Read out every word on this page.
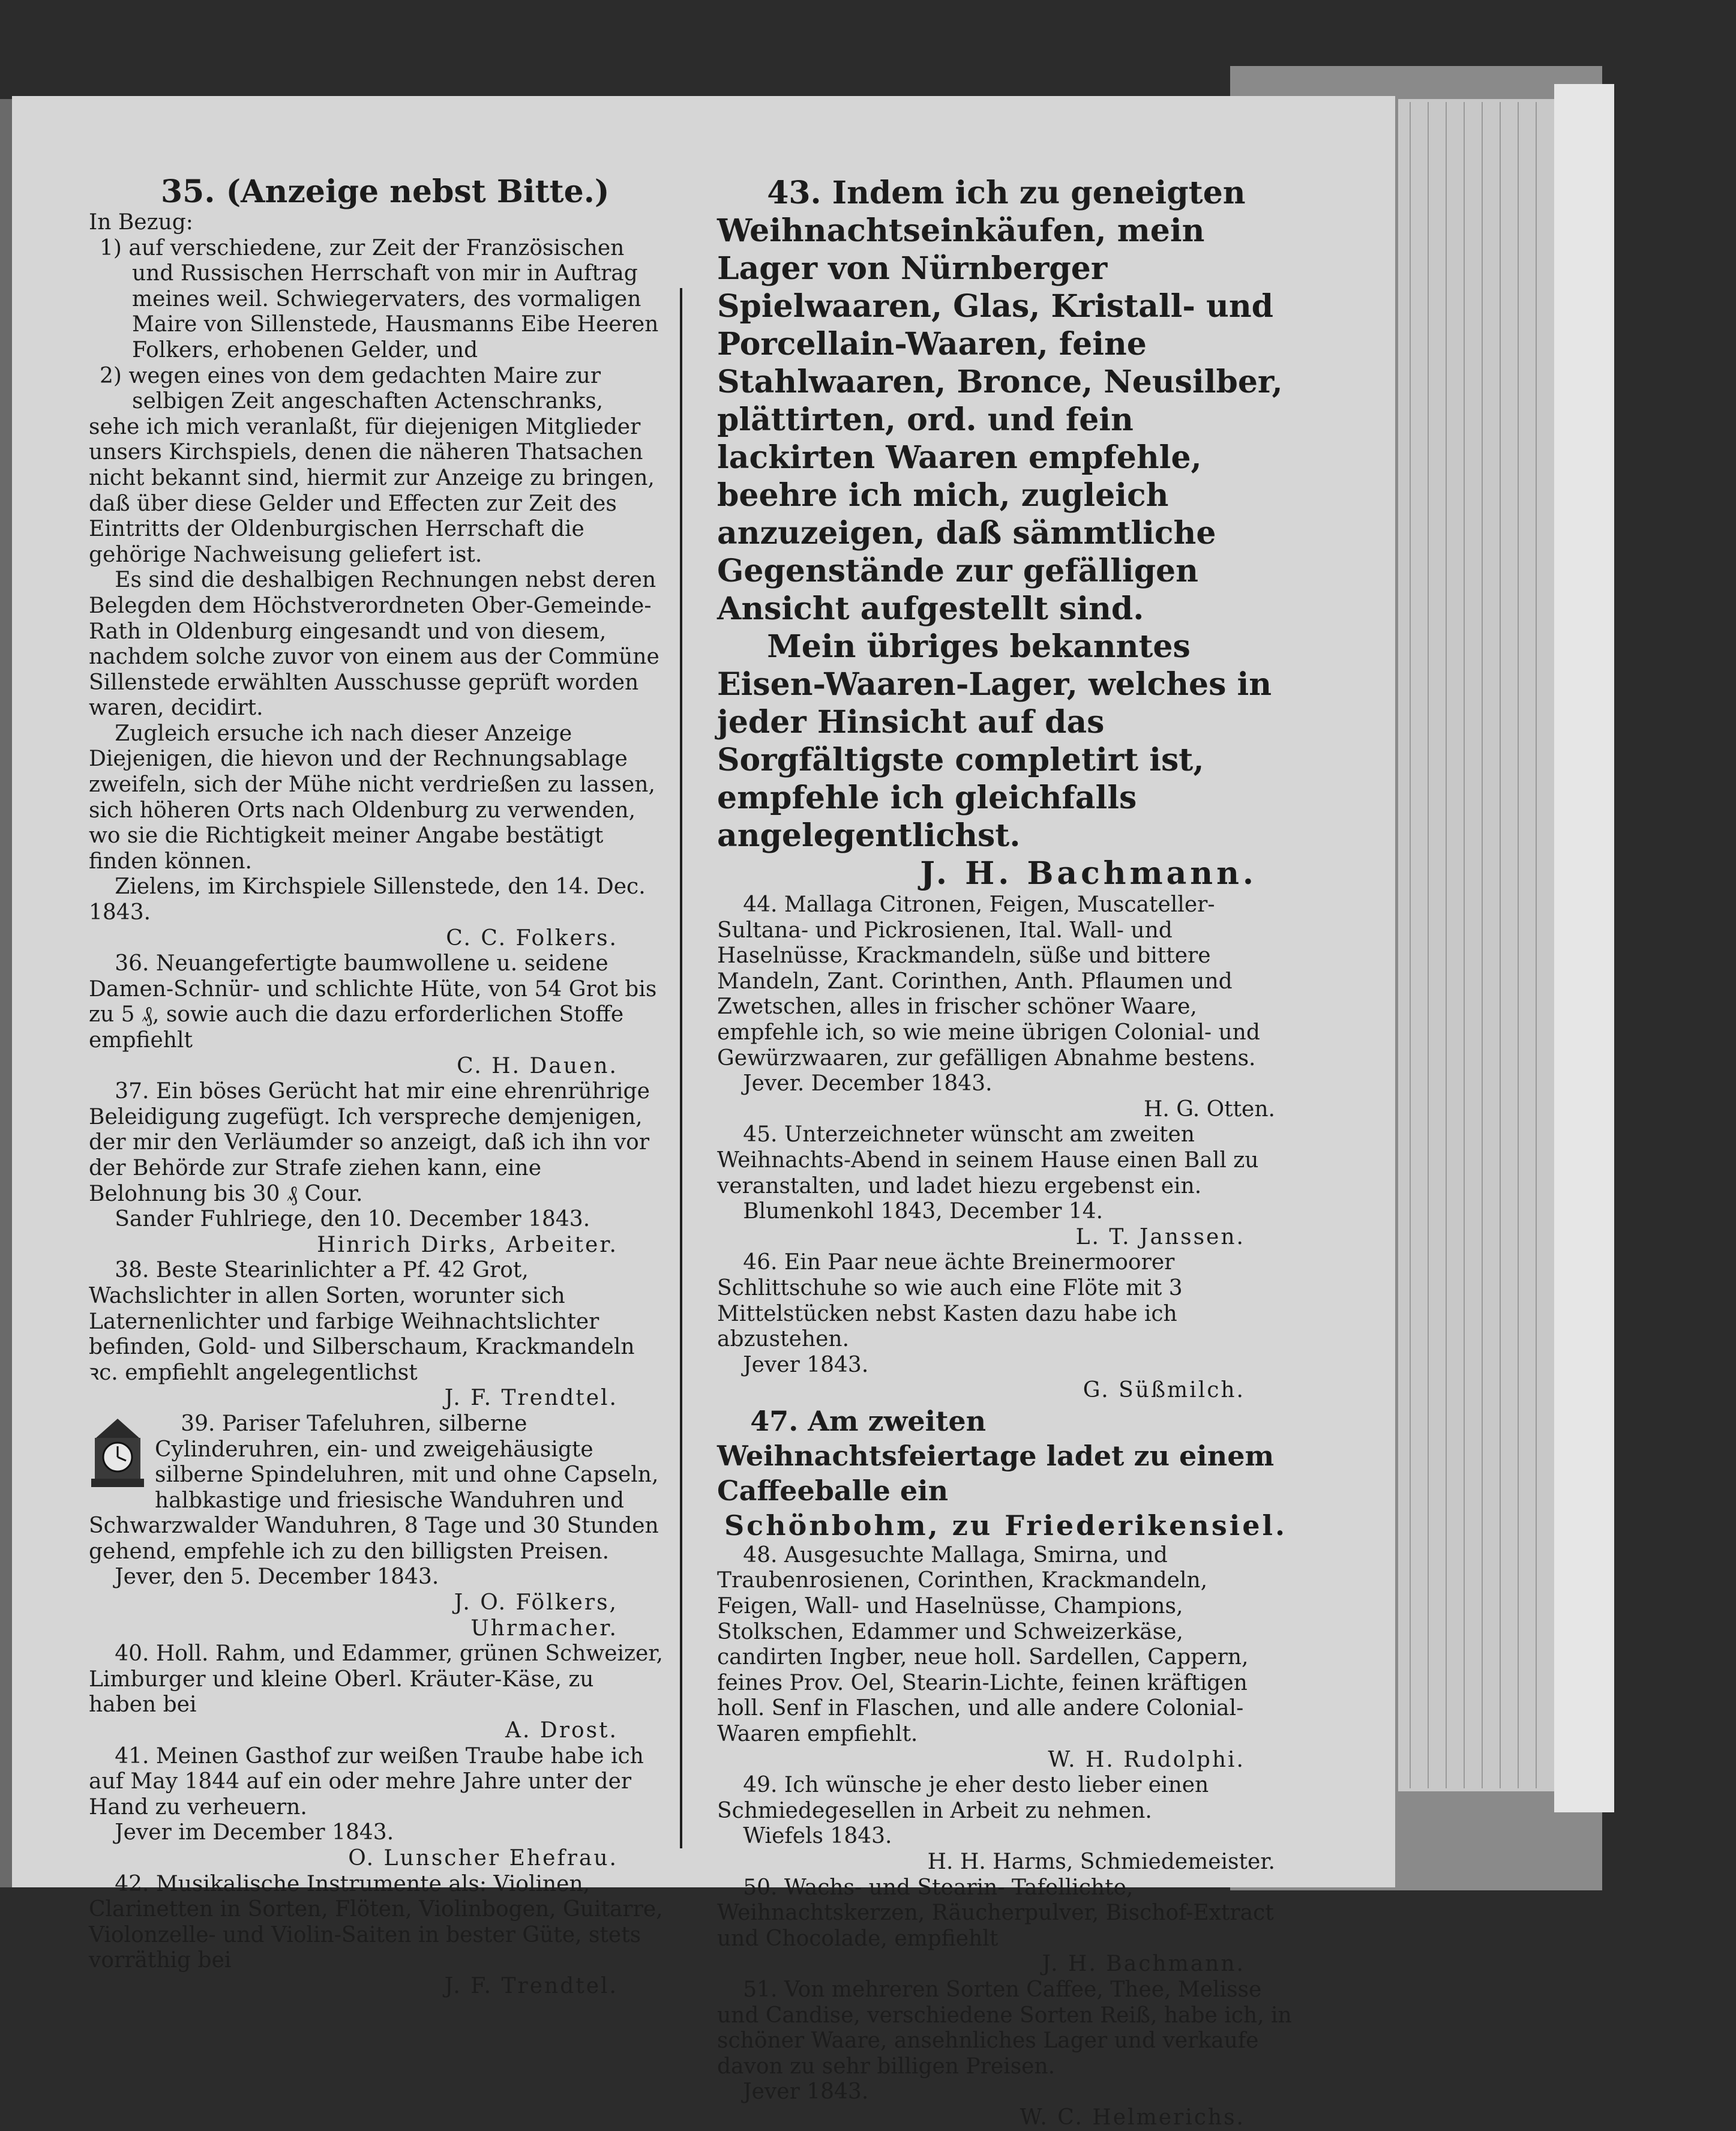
35. (Anzeige nebst Bitte.)

In Bezug:

1) auf verschiedene, zur Zeit der Französischen und Russischen Herrschaft von mir in Auftrag meines weil. Schwiegervaters, des vormaligen Maire von Sillenstede, Hausmanns Eibe Heeren Folkers, erhobenen Gelder, und

2) wegen eines von dem gedachten Maire zur selbigen Zeit angeschaften Actenschranks,

sehe ich mich veranlaßt, für diejenigen Mitglieder unsers Kirchspiels, denen die näheren Thatsachen nicht bekannt sind, hiermit zur Anzeige zu bringen, daß über diese Gelder und Effecten zur Zeit des Eintritts der Oldenburgischen Herrschaft die gehörige Nachweisung geliefert ist.

Es sind die deshalbigen Rechnungen nebst deren Belegden dem Höchstverordneten Ober-Gemeinde-Rath in Oldenburg eingesandt und von diesem, nachdem solche zuvor von einem aus der Commüne Sillenstede erwählten Ausschusse geprüft worden waren, decidirt.

Zugleich ersuche ich nach dieser Anzeige Diejenigen, die hievon und der Rechnungsablage zweifeln, sich der Mühe nicht verdrießen zu lassen, sich höheren Orts nach Oldenburg zu verwenden, wo sie die Richtigkeit meiner Angabe bestätigt finden können.

Zielens, im Kirchspiele Sillenstede, den 14. Dec. 1843.

C. C. Folkers.

36. Neuangefertigte baumwollene u. seidene Damen-Schnür- und schlichte Hüte, von 54 Grot bis zu 5 ₰, sowie auch die dazu erforderlichen Stoffe empfiehlt

C. H. Dauen.

37. Ein böses Gerücht hat mir eine ehrenrührige Beleidigung zugefügt. Ich verspreche demjenigen, der mir den Verläumder so anzeigt, daß ich ihn vor der Behörde zur Strafe ziehen kann, eine Belohnung bis 30 ₰ Cour.

Sander Fuhlriege, den 10. December 1843.

Hinrich Dirks, Arbeiter.

38. Beste Stearinlichter a Pf. 42 Grot, Wachslichter in allen Sorten, worunter sich Laternenlichter und farbige Weihnachtslichter befinden, Gold- und Silberschaum, Krackmandeln ꝛc. empfiehlt angelegentlichst

J. F. Trendtel.

39. Pariser Tafeluhren, silberne Cylinderuhren, ein- und zweigehäusigte silberne Spindeluhren, mit und ohne Capseln, halbkastige und friesische Wanduhren und Schwarzwalder Wanduhren, 8 Tage und 30 Stunden gehend, empfehle ich zu den billigsten Preisen.

Jever, den 5. December 1843.

J. O. Fölkers,

Uhrmacher.

40. Holl. Rahm, und Edammer, grünen Schweizer, Limburger und kleine Oberl. Kräuter-Käse, zu haben bei

A. Drost.

41. Meinen Gasthof zur weißen Traube habe ich auf May 1844 auf ein oder mehre Jahre unter der Hand zu verheuern.

Jever im December 1843.

O. Lunscher Ehefrau.

42. Musikalische Instrumente als: Violinen, Clarinetten in Sorten, Flöten, Violinbogen, Guitarre, Violonzelle- und Violin-Saiten in bester Güte, stets vorräthig bei

J. F. Trendtel.

43. Indem ich zu geneigten Weihnachtseinkäufen, mein Lager von Nürnberger Spielwaaren, Glas, Kristall- und Porcellain-Waaren, feine Stahlwaaren, Bronce, Neusilber, plättirten, ord. und fein lackirten Waaren empfehle, beehre ich mich, zugleich anzuzeigen, daß sämmtliche Gegenstände zur gefälligen Ansicht aufgestellt sind.

Mein übriges bekanntes Eisen-Waaren-Lager, welches in jeder Hinsicht auf das Sorgfältigste completirt ist, empfehle ich gleichfalls angelegentlichst.

J. H. Bachmann.

44. Mallaga Citronen, Feigen, Muscateller- Sultana- und Pickrosienen, Ital. Wall- und Haselnüsse, Krackmandeln, süße und bittere Mandeln, Zant. Corinthen, Anth. Pflaumen und Zwetschen, alles in frischer schöner Waare, empfehle ich, so wie meine übrigen Colonial- und Gewürzwaaren, zur gefälligen Abnahme bestens.

Jever. December 1843.

H. G. Otten.

45. Unterzeichneter wünscht am zweiten Weihnachts-Abend in seinem Hause einen Ball zu veranstalten, und ladet hiezu ergebenst ein.

Blumenkohl 1843, December 14.

L. T. Janssen.

46. Ein Paar neue ächte Breinermoorer Schlittschuhe so wie auch eine Flöte mit 3 Mittelstücken nebst Kasten dazu habe ich abzustehen.

Jever 1843.

G. Süßmilch.

47. Am zweiten Weihnachtsfeiertage ladet zu einem Caffeeballe ein

Schönbohm, zu Friederikensiel.

48. Ausgesuchte Mallaga, Smirna, und Traubenrosienen, Corinthen, Krackmandeln, Feigen, Wall- und Haselnüsse, Champions, Stolkschen, Edammer und Schweizerkäse, candirten Ingber, neue holl. Sardellen, Cappern, feines Prov. Oel, Stearin-Lichte, feinen kräftigen holl. Senf in Flaschen, und alle andere Colonial-Waaren empfiehlt.

W. H. Rudolphi.

49. Ich wünsche je eher desto lieber einen Schmiedegesellen in Arbeit zu nehmen.

Wiefels 1843.

H. H. Harms, Schmiedemeister.

50. Wachs- und Stearin- Tafellichte, Weihnachtskerzen, Räucherpulver, Bischof-Extract und Chocolade, empfiehlt

J. H. Bachmann.

51. Von mehreren Sorten Caffee, Thee, Melisse und Candise, verschiedene Sorten Reiß, habe ich, in schöner Waare, ansehnliches Lager und verkaufe davon zu sehr billigen Preisen.

Jever 1843.

W. C. Helmerichs.
